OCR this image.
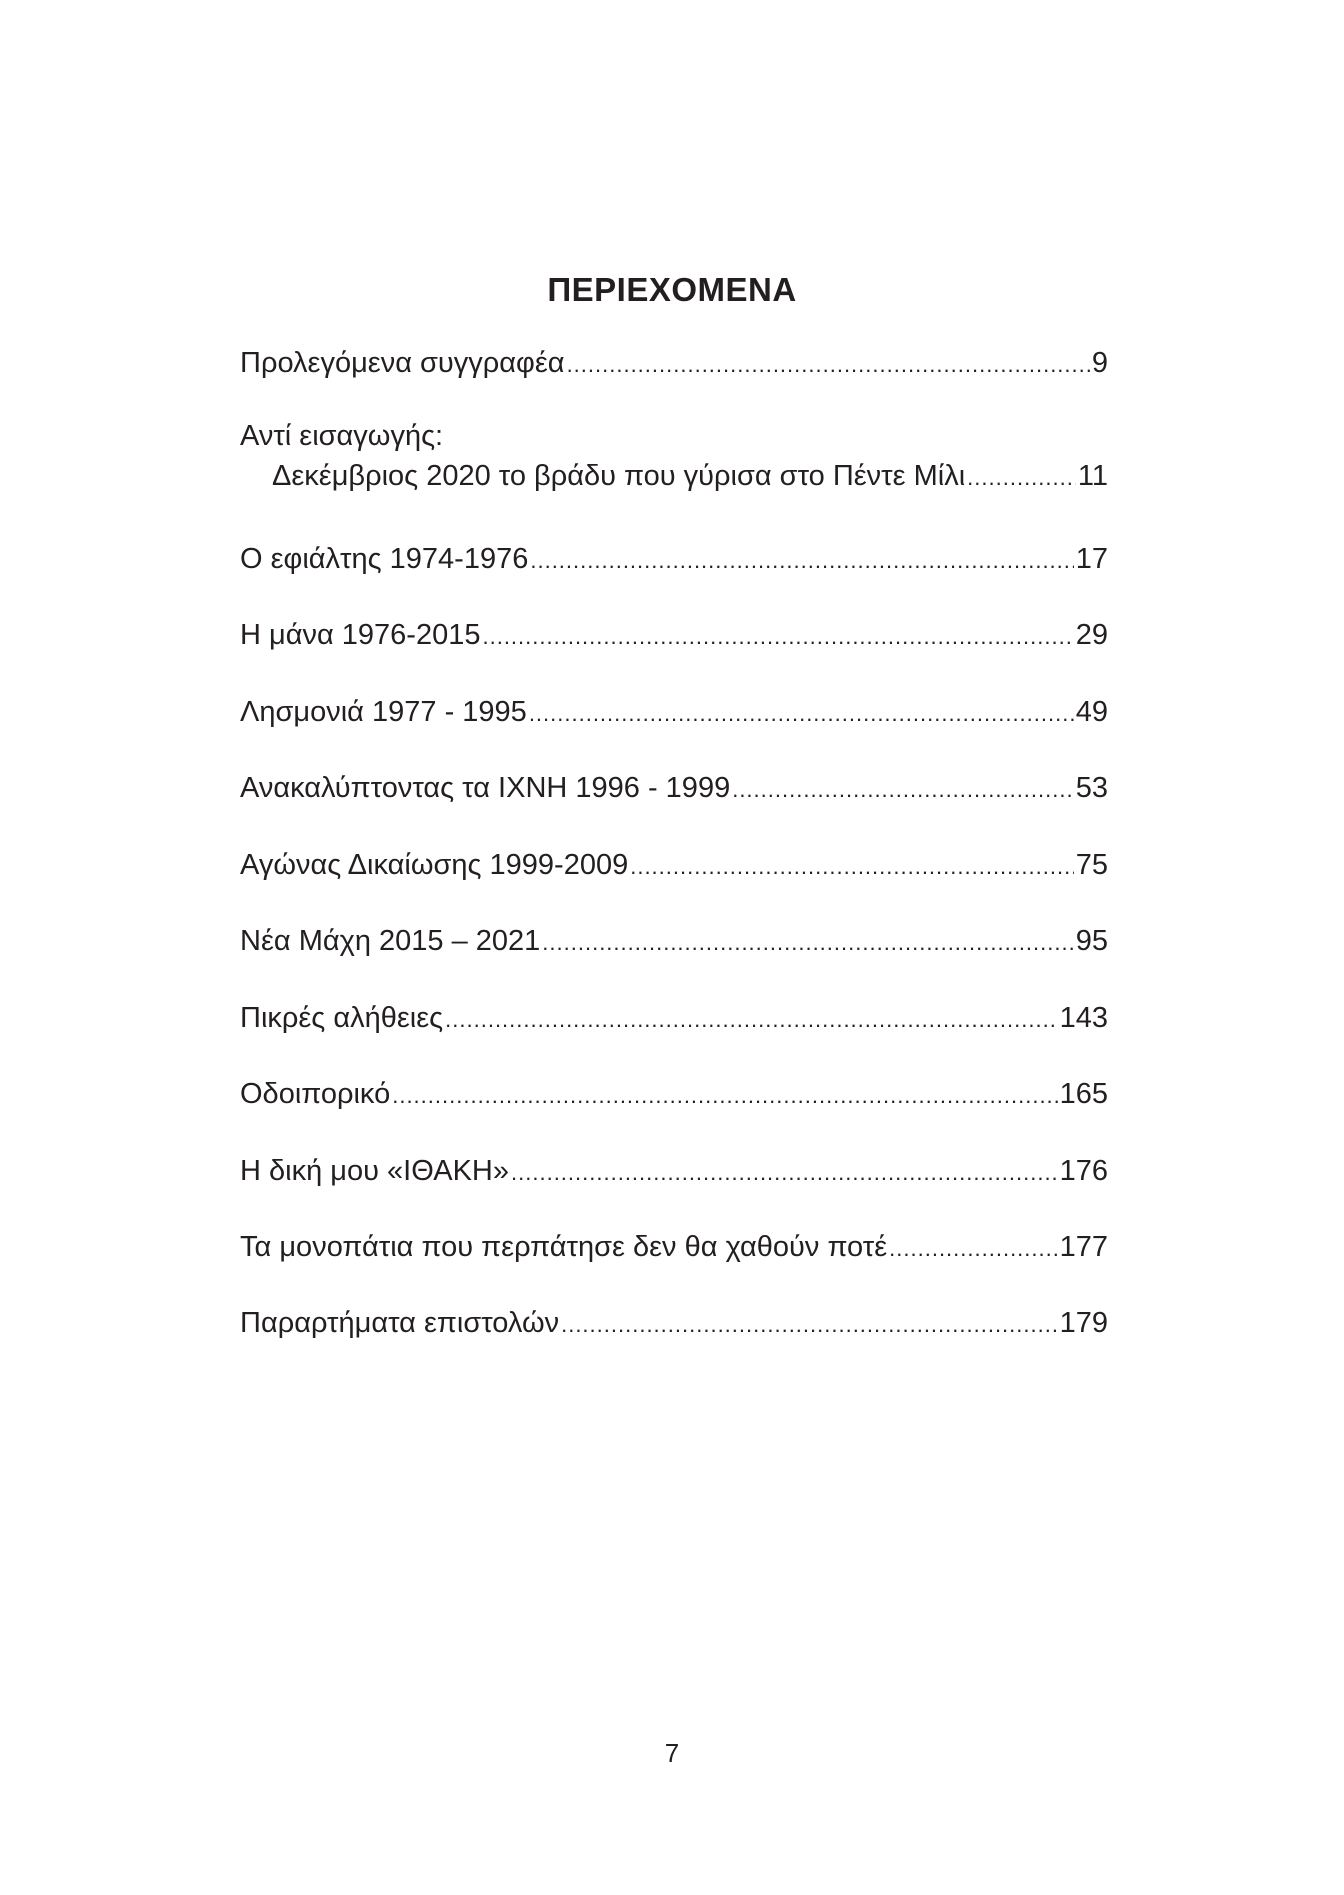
ΠΕΡΙΕΧΟΜΕΝΑ
Προλεγόμενα συγγραφέα .....	9
Αντί εισαγωγής:
Δεκέμβριος 2020 το βράδυ που γύρισα στο Πέντε Μίλι .....	11
Ο εφιάλτης 1974-1976 .....	17
Η μάνα 1976-2015 .....	29
Λησμονιά 1977 - 1995 .....	49
Ανακαλύπτοντας τα ΙΧΝΗ 1996 - 1999 .....	53
Αγώνας Δικαίωσης 1999-2009 .....	75
Νέα Μάχη 2015 – 2021 .....	95
Πικρές αλήθειες .....	143
Οδοιπορικό .....	165
Η δική μου «ΙΘΑΚΗ» .....	176
Τα μονοπάτια που περπάτησε δεν θα χαθούν ποτέ .....	177
Παραρτήματα επιστολών .....	179
7
